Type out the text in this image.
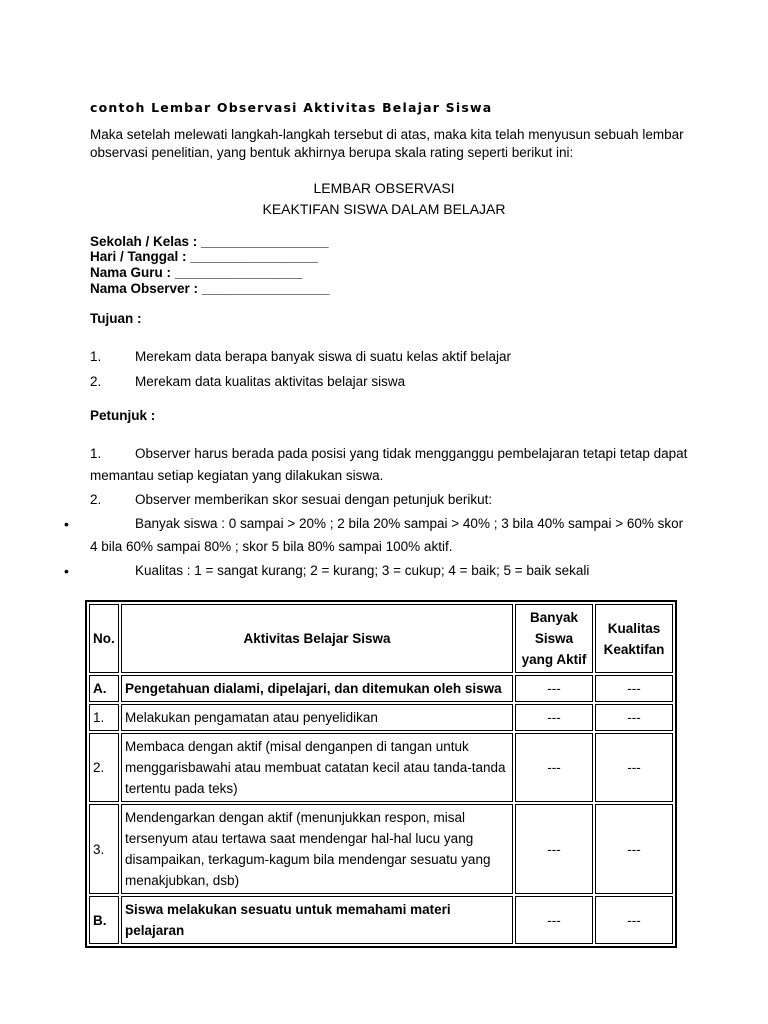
contoh Lembar Observasi Aktivitas Belajar Siswa
Maka setelah melewati langkah-langkah tersebut di atas, maka kita telah menyusun sebuah lembar observasi penelitian, yang bentuk akhirnya berupa skala rating seperti berikut ini:
LEMBAR OBSERVASI
KEAKTIFAN SISWA DALAM BELAJAR
Sekolah / Kelas : _________________
Hari / Tanggal : _________________
Nama Guru : _________________
Nama Observer : _________________
Tujuan :
1. Merekam data berapa banyak siswa di suatu kelas aktif belajar
2. Merekam data kualitas aktivitas belajar siswa
Petunjuk :
1. Observer harus berada pada posisi yang tidak mengganggu pembelajaran tetapi tetap dapat
memantau setiap kegiatan yang dilakukan siswa.
2. Observer memberikan skor sesuai dengan petunjuk berikut:
•	Banyak siswa : 0 sampai > 20% ; 2 bila 20% sampai > 40% ; 3 bila 40% sampai > 60% skor
4 bila 60% sampai 80% ; skor 5 bila 80% sampai 100% aktif.
•	Kualitas : 1 = sangat kurang; 2 = kurang; 3 = cukup; 4 = baik; 5 = baik sekali
No.	Aktivitas Belajar Siswa	Banyak Siswa yang Aktif	Kualitas Keaktifan
A.	Pengetahuan dialami, dipelajari, dan ditemukan oleh siswa	---	---
1.	Melakukan pengamatan atau penyelidikan	---	---
2.	Membaca dengan aktif (misal denganpen di tangan untuk menggarisbawahi atau membuat catatan kecil atau tanda-tanda tertentu pada teks)	---	---
3.	Mendengarkan dengan aktif (menunjukkan respon, misal tersenyum atau tertawa saat mendengar hal-hal lucu yang disampaikan, terkagum-kagum bila mendengar sesuatu yang menakjubkan, dsb)	---	---
B.	Siswa melakukan sesuatu untuk memahami materi pelajaran	---	---
